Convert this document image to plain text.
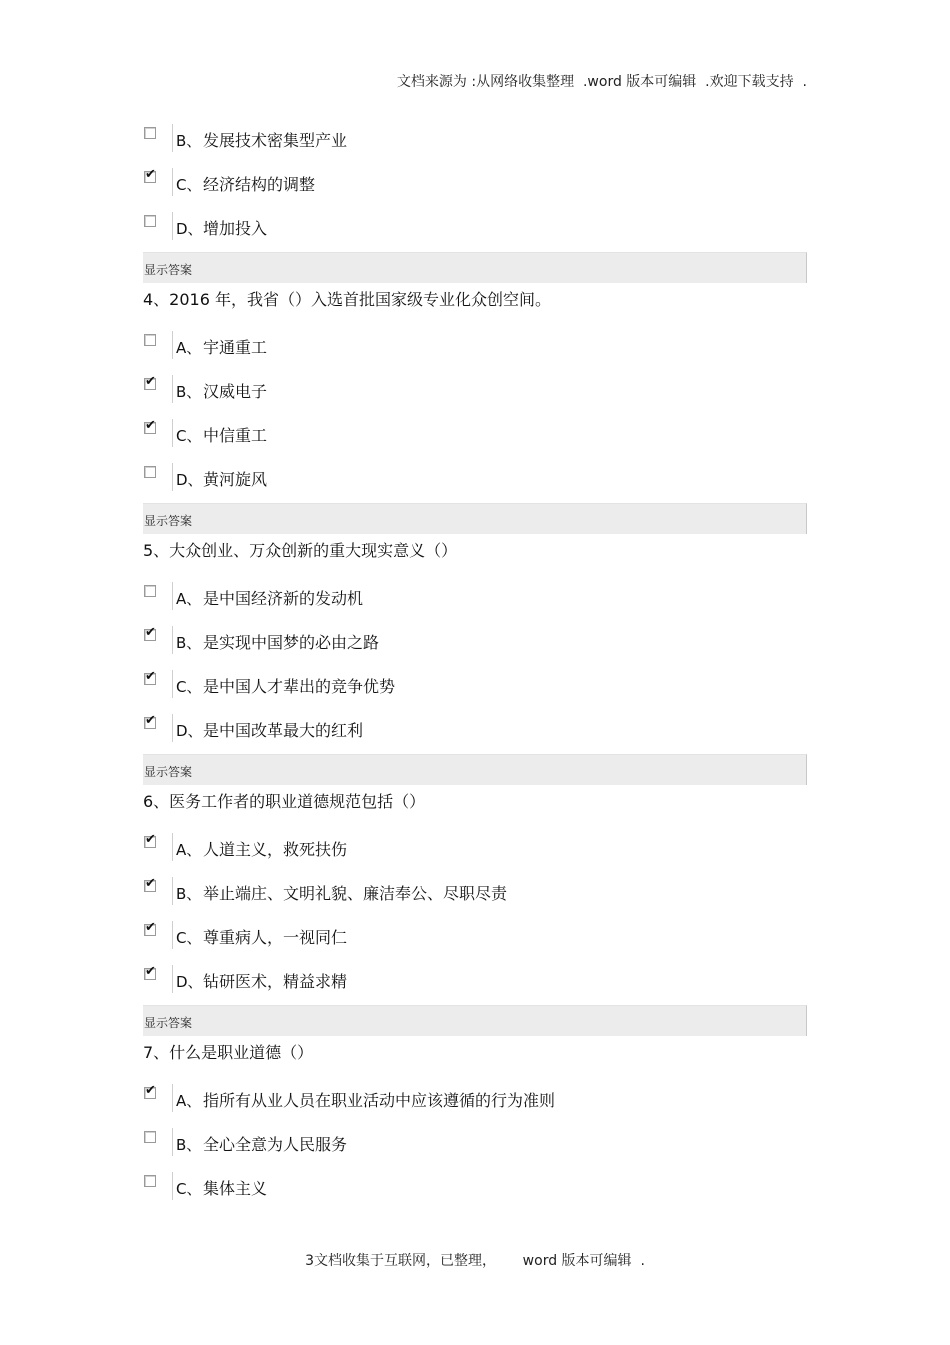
文档来源为 :从网络收集整理  .word 版本可编辑  .欢迎下载支持  .
B、 发展技术密集型产业
✔
C、 经济结构的调整
D、 增加投入
显示答案
4、2016 年，我省（）入选首批国家级专业化众创空间。
A、 宇通重工
✔
B、 汉威电子
✔
C、 中信重工
D、 黄河旋风
显示答案
5、大众创业、万众创新的重大现实意义（）
A、 是中国经济新的发动机
✔
B、 是实现中国梦的必由之路
✔
C、 是中国人才辈出的竞争优势
✔
D、 是中国改革最大的红利
显示答案
6、医务工作者的职业道德规范包括（）
✔
A、 人道主义，救死扶伤
✔
B、 举止端庄、文明礼貌、廉洁奉公、尽职尽责
✔
C、 尊重病人，一视同仁
✔
D、 钻研医术，精益求精
显示答案
7、什么是职业道德（）
✔
A、 指所有从业人员在职业活动中应该遵循的行为准则
B、 全心全意为人民服务
C、 集体主义
3文档收集于互联网，已整理，      word 版本可编辑  .
